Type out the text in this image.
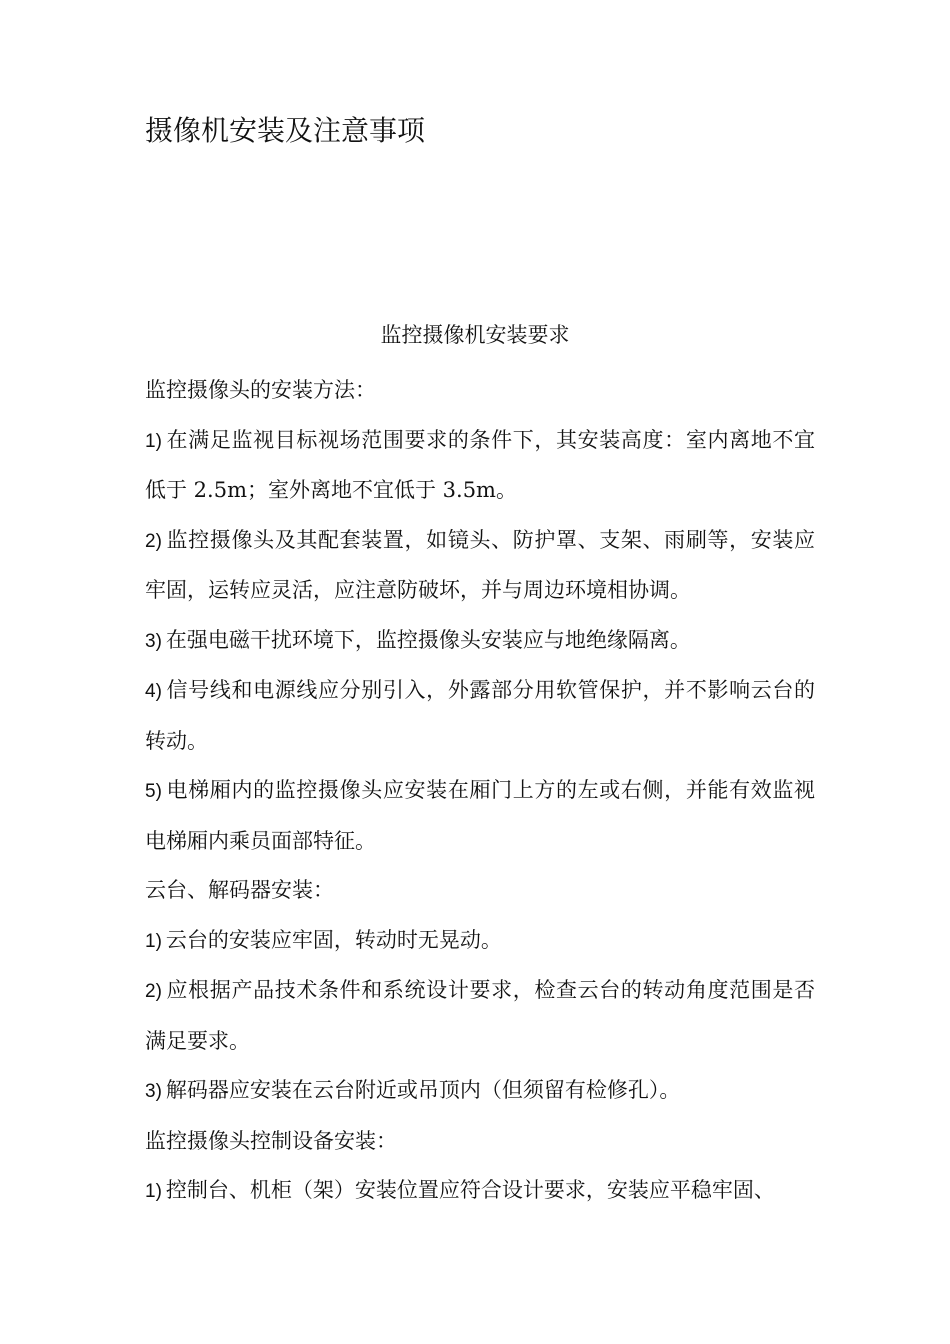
摄像机安装及注意事项
监控摄像机安装要求

监控摄像头的安装方法：

1) 在满足监视目标视场范围要求的条件下，其安装高度：室内离地不宜低于 2.5m；室外离地不宜低于 3.5m。

2) 监控摄像头及其配套装置，如镜头、防护罩、支架、雨刷等，安装应牢固，运转应灵活，应注意防破坏，并与周边环境相协调。

3) 在强电磁干扰环境下，监控摄像头安装应与地绝缘隔离。

4) 信号线和电源线应分别引入，外露部分用软管保护，并不影响云台的转动。

5) 电梯厢内的监控摄像头应安装在厢门上方的左或右侧，并能有效监视电梯厢内乘员面部特征。

云台、解码器安装：

1) 云台的安装应牢固，转动时无晃动。

2) 应根据产品技术条件和系统设计要求，检查云台的转动角度范围是否满足要求。

3) 解码器应安装在云台附近或吊顶内（但须留有检修孔）。

监控摄像头控制设备安装：

1) 控制台、机柜（架）安装位置应符合设计要求，安装应平稳牢固、
